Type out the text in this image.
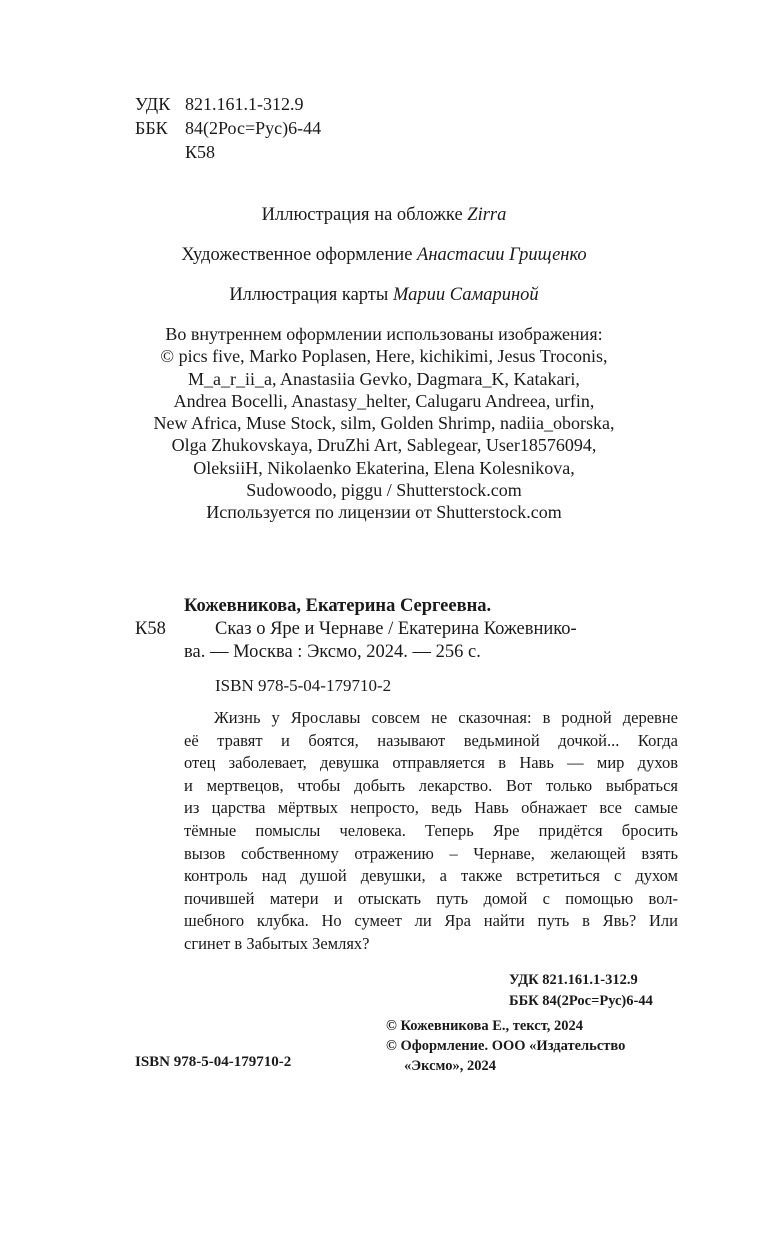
УДК 821.161.1-312.9
ББК 84(2Рос=Рус)6-44
К58
Иллюстрация на обложке Zirra
Художественное оформление Анастасии Грищенко
Иллюстрация карты Марии Самариной
Во внутреннем оформлении использованы изображения:
© pics five, Marko Poplasen, Here, kichikimi, Jesus Troconis,
M_a_r_ii_a, Anastasiia Gevko, Dagmara_K, Katakari,
Andrea Bocelli, Anastasy_helter, Calugaru Andreea, urfin,
New Africa, Muse Stock, silm, Golden Shrimp, nadiia_oborska,
Olga Zhukovskaya, DruZhi Art, Sablegear, User18576094,
OleksiiH, Nikolaenko Ekaterina, Elena Kolesnikova,
Sudowoodo, piggu / Shutterstock.com
Используется по лицензии от Shutterstock.com
Кожевникова, Екатерина Сергеевна.
К58	Сказ о Яре и Чернаве / Екатерина Кожевнико-
ва. — Москва : Эксмо, 2024. — 256 с.
ISBN 978-5-04-179710-2
Жизнь у Ярославы совсем не сказочная: в родной деревне
её травят и боятся, называют ведьминой дочкой... Когда
отец заболевает, девушка отправляется в Навь — мир духов
и мертвецов, чтобы добыть лекарство. Вот только выбраться
из царства мёртвых непросто, ведь Навь обнажает все самые
тёмные помыслы человека. Теперь Яре придётся бросить
вызов собственному отражению – Чернаве, желающей взять
контроль над душой девушки, а также встретиться с духом
почившей матери и отыскать путь домой с помощью вол-
шебного клубка. Но сумеет ли Яра найти путь в Явь? Или
сгинет в Забытых Землях?
УДК 821.161.1-312.9
ББК 84(2Рос=Рус)6-44
© Кожевникова Е., текст, 2024
© Оформление. ООО «Издательство
«Эксмо», 2024
ISBN 978-5-04-179710-2
